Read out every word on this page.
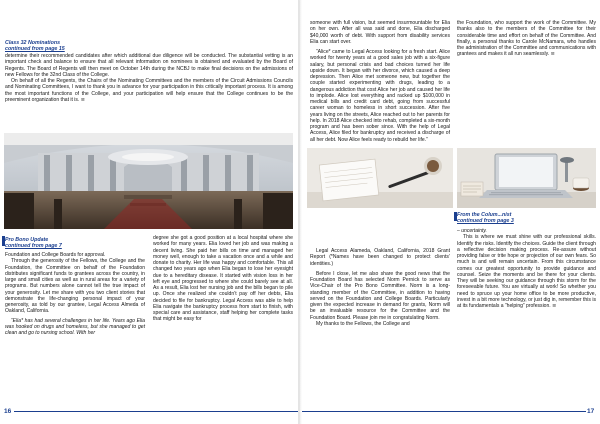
Class 32 Nominations
continued from page 15

determine their recommended candidates after which additional due diligence will be conducted. The substantial vetting is an important check and balance to ensure that all relevant information on nominees is obtained and evaluated by the Board of Regents. The Board of Regents will then meet on October 14th during the NCBJ to make final decisions on the admissions of new Fellows for the 32nd Class of the College.

On behalf of all the Regents, the Chairs of the Nominating Committees and the members of the Circuit Admissions Councils and Nominating Committees, I want to thank you in advance for your participation in this critically important process. It is among the most important functions of the College, and your participation will help ensure that the College continues to be the preeminent organization that it is. ≅

Pro Bono Update
continued from page 7

Foundation and College Boards for approval.

Through the generosity of the Fellows, the College and the Foundation, the Committee on behalf of the Foundation distributes significant funds to grantees across the country, in large and small cities as well as in rural areas for a variety of programs. But numbers alone cannot tell the true impact of your generosity. Let me share with you two client stories that demonstrate the life-changing personal impact of your generosity, as told by our grantee, Legal Access Almeda of Oakland, California.

“Elia* has had several challenges in her life. Years ago Elia was hooked on drugs and homeless, but she managed to get clean and go to nursing school. With her

degree she got a good position at a local hospital where she worked for many years. Elia loved her job and was making a decent living. She paid her bills on time and managed her money well, enough to take a vacation once and a while and donate to charity. Her life was happy and comfortable. This all changed two years ago when Elia began to lose her eyesight due to a hereditary disease. It started with vision loss in her left eye and progressed to where she could barely see at all. As a result, Elia lost her nursing job and the bills began to pile up. Once she realized she couldn’t pay off her debts, Elia decided to file for bankruptcy. Legal Access was able to help Elia navigate the bankruptcy process from start to finish, with special care and assistance, staff helping her complete tasks that might be easy for

16

someone with full vision, but seemed insurmountable for Elia on her own. After all was said and done, Elia discharged $40,000 worth of debt. With support from disability services Elia can start over.

“Alice* came to Legal Access looking for a fresh start. Alice worked for twenty years at a good sales job with a six-figure salary, but personal crisis and bad choices turned her life upside down. It began with her divorce, which caused a deep depression. Then Alice met someone new, but together the couple started experimenting with drugs, leading to a dangerous addiction that cost Alice her job and caused her life to implode. Alice lost everything and racked up $100,000 in medical bills and credit card debt, going from successful career woman to homeless in short succession. After five years living on the streets, Alice reached out to her parents for help. In 2018 Alice checked into rehab, completed a six-month program and has been sober since. With the help of Legal Access, Alice filed for bankruptcy and received a discharge of all her debt. Now Alice feels ready to rebuild her life.”

Legal Access Alameda, Oakland, California, 2018 Grant Report (*Names have been changed to protect clients’ identities.)

Before I close, let me also share the good news that the Foundation Board has selected Norm Pernick to serve as Vice-Chair of the Pro Bono Committee. Norm is a long-standing member of the Committee, in addition to having served on the Foundation and College Boards. Particularly given the expected increase in demand for grants, Norm will be an invaluable resource for the Committee and the Foundation Board. Please join me in congratulating Norm.

My thanks to the Fellows, the College and

the Foundation, who support the work of the Committee. My thanks also to the members of the Committee for their considerable time and effort on behalf of the Committee. And finally, a personal thanks to Carole McNamara, who handles the administration of the Committee and communications with grantees and makes it all run seamlessly. ≅

From the Colum...nist
continued from page 3

– uncertainty.

This is where we must shine with our professional skills. Identify the risks. Identify the choices. Guide the client through a reflective decision making process. Re-assure without providing false or trite hope or projection of our own fears. So much is and will remain uncertain. From this circumstance comes our greatest opportunity to provide guidance and counsel. Seize the moments and be there for your clients. They will be seeking our guidance through this storm for the foreseeable future. You are virtually at work! So whether you need to spruce up your home office to be more productive, invest in a bit more technology, or just dig in, remember this is at its fundamentals a “helping” profession. ≅

17
